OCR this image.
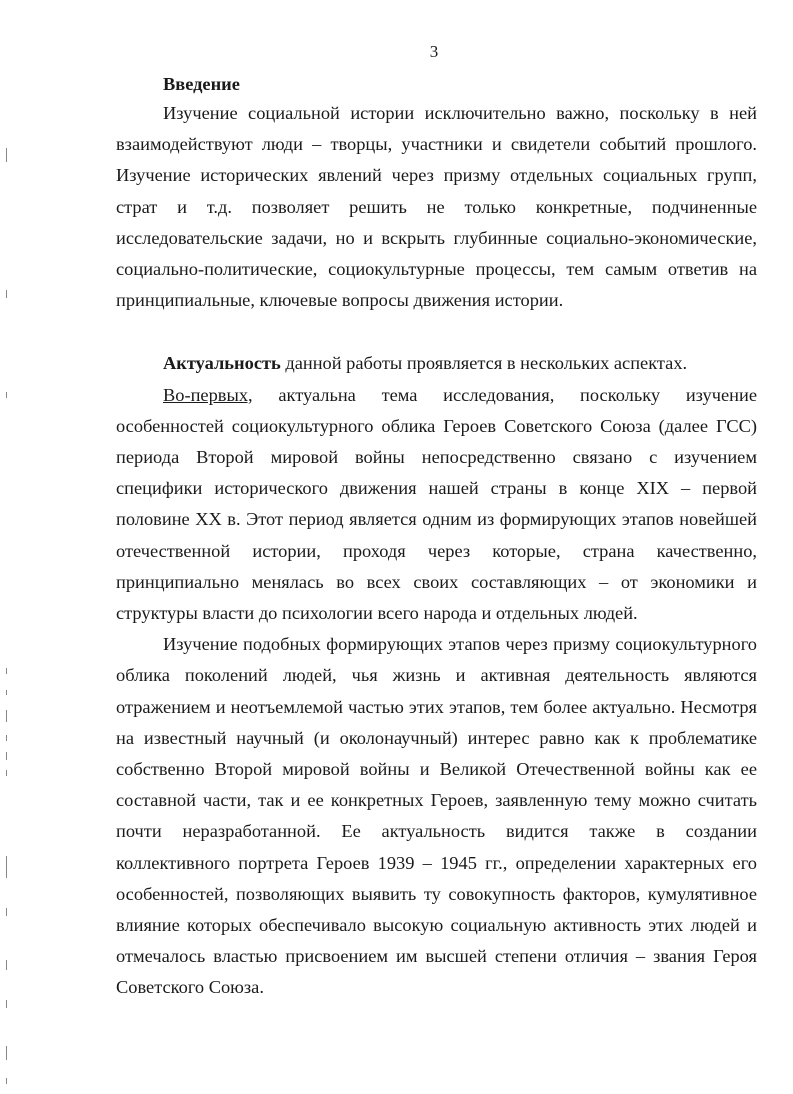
3

Введение

Изучение социальной истории исключительно важно, поскольку в ней взаимодействуют люди – творцы, участники и свидетели событий прошлого. Изучение исторических явлений через призму отдельных социальных групп, страт и т.д. позволяет решить не только конкретные, подчиненные исследовательские задачи, но и вскрыть глубинные социально-экономические, социально-политические, социокультурные процессы, тем самым ответив на принципиальные, ключевые вопросы движения истории.

Актуальность данной работы проявляется в нескольких аспектах.

Во-первых, актуальна тема исследования, поскольку изучение особенностей социокультурного облика Героев Советского Союза (далее ГСС) периода Второй мировой войны непосредственно связано с изучением специфики исторического движения нашей страны в конце XIX – первой половине XX в. Этот период является одним из формирующих этапов новейшей отечественной истории, проходя через которые, страна качественно, принципиально менялась во всех своих составляющих – от экономики и структуры власти до психологии всего народа и отдельных людей.

Изучение подобных формирующих этапов через призму социокультурного облика поколений людей, чья жизнь и активная деятельность являются отражением и неотъемлемой частью этих этапов, тем более актуально. Несмотря на известный научный (и околонаучный) интерес равно как к проблематике собственно Второй мировой войны и Великой Отечественной войны как ее составной части, так и ее конкретных Героев, заявленную тему можно считать почти неразработанной. Ее актуальность видится также в создании коллективного портрета Героев 1939 – 1945 гг., определении характерных его особенностей, позволяющих выявить ту совокупность факторов, кумулятивное влияние которых обеспечивало высокую социальную активность этих людей и отмечалось властью присвоением им высшей степени отличия – звания Героя Советского Союза.
